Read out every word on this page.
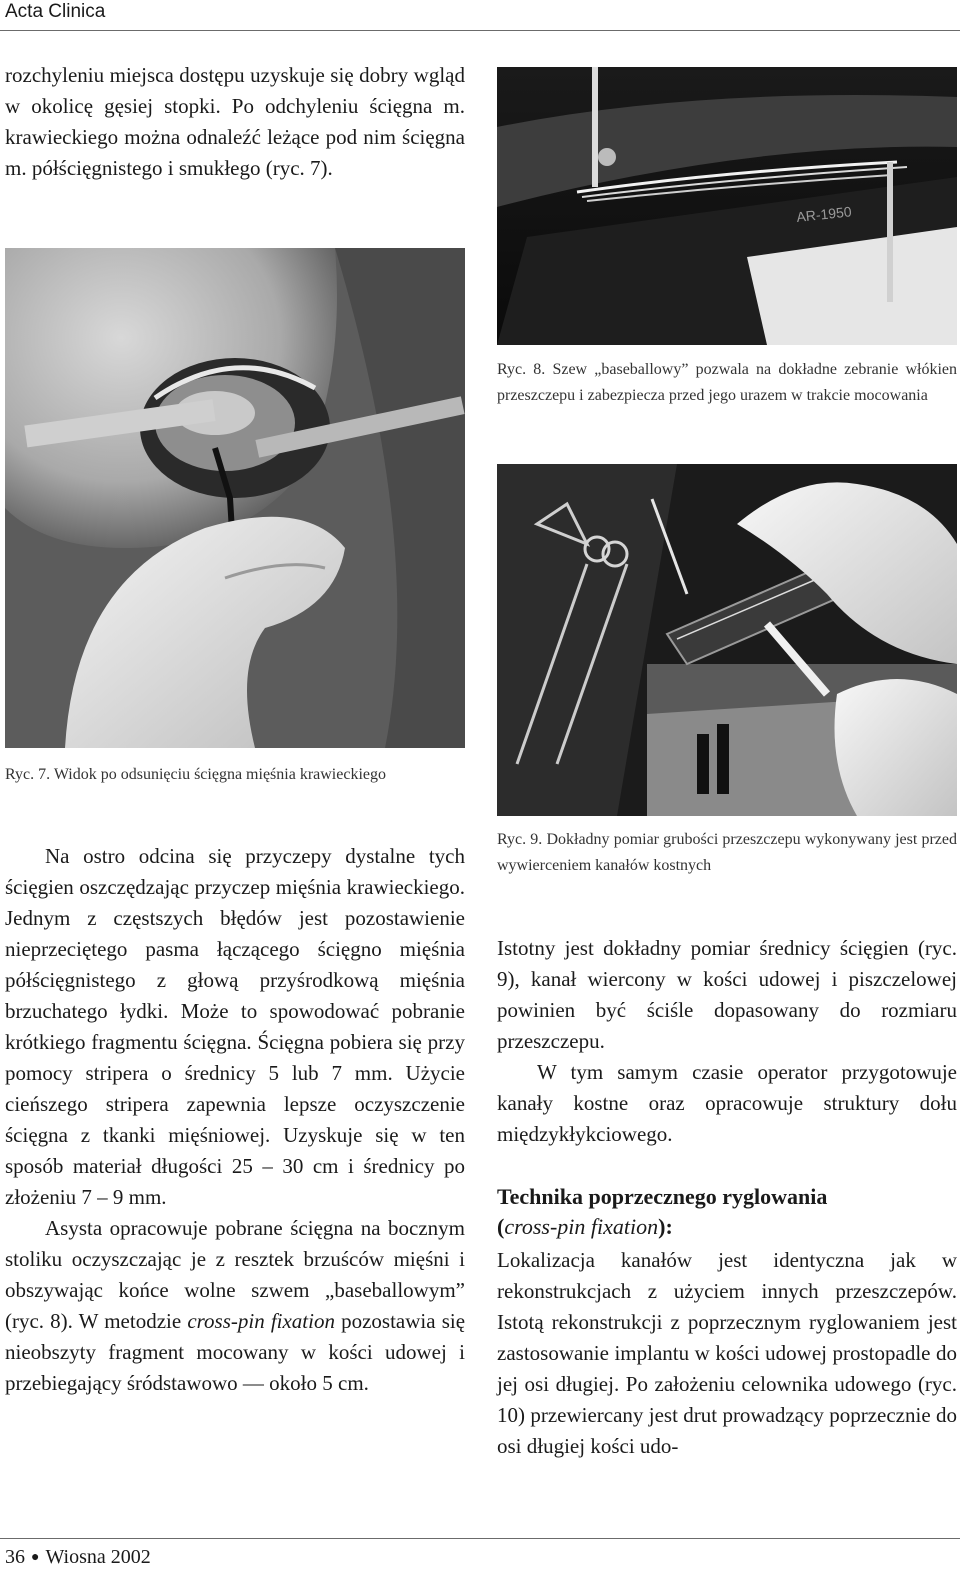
Acta Clinica

rozchyleniu miejsca dostępu uzyskuje się dobry wgląd w okolicę gęsiej stopki. Po odchyleniu ścięgna m. krawieckiego można odnaleźć leżące pod nim ścięgna m. półścięgnistego i smukłego (ryc. 7).

Ryc. 7. Widok po odsunięciu ścięgna mięśnia krawieckiego

Na ostro odcina się przyczepy dystalne tych ścięgien oszczędzając przyczep mięśnia krawieckiego. Jednym z częstszych błędów jest pozostawienie nieprzeciętego pasma łączącego ścięgno mięśnia półścięgnistego z głową przyśrodkową mięśnia brzuchatego łydki. Może to spowodować pobranie krótkiego fragmentu ścięgna. Ścięgna pobiera się przy pomocy stripera o średnicy 5 lub 7 mm. Użycie cieńszego stripera zapewnia lepsze oczyszczenie ścięgna z tkanki mięśniowej. Uzyskuje się w ten sposób materiał długości 25 – 30 cm i średnicy po złożeniu 7 – 9 mm.

Asysta opracowuje pobrane ścięgna na bocznym stoliku oczyszczając je z resztek brzuśców mięśni i obszywając końce wolne szwem „baseballowym” (ryc. 8). W metodzie cross-pin fixation pozostawia się nieobszyty fragment mocowany w kości udowej i przebiegający śródstawowo — około 5 cm.

AR-1950
Ryc. 8. Szew „baseballowy” pozwala na dokładne zebranie włókien przeszczepu i zabezpiecza przed jego urazem w trakcie mocowania
Ryc. 9. Dokładny pomiar grubości przeszczepu wykonywany jest przed wywierceniem kanałów kostnych

Istotny jest dokładny pomiar średnicy ścięgien (ryc. 9), kanał wiercony w kości udowej i piszczelowej powinien być ściśle dopasowany do rozmiaru przeszczepu.

W tym samym czasie operator przygotowuje kanały kostne oraz opracowuje struktury dołu międzykłykciowego.

Technika poprzecznego ryglowania
(cross-pin fixation):

Lokalizacja kanałów jest identyczna jak w rekonstrukcjach z użyciem innych przeszczepów. Istotą rekonstrukcji z poprzecznym ryglowaniem jest zastosowanie implantu w kości udowej prostopadle do jej osi długiej. Po założeniu celownika udowego (ryc. 10) przewiercany jest drut prowadzący poprzecznie do osi długiej kości udo-

36 ● Wiosna 2002
